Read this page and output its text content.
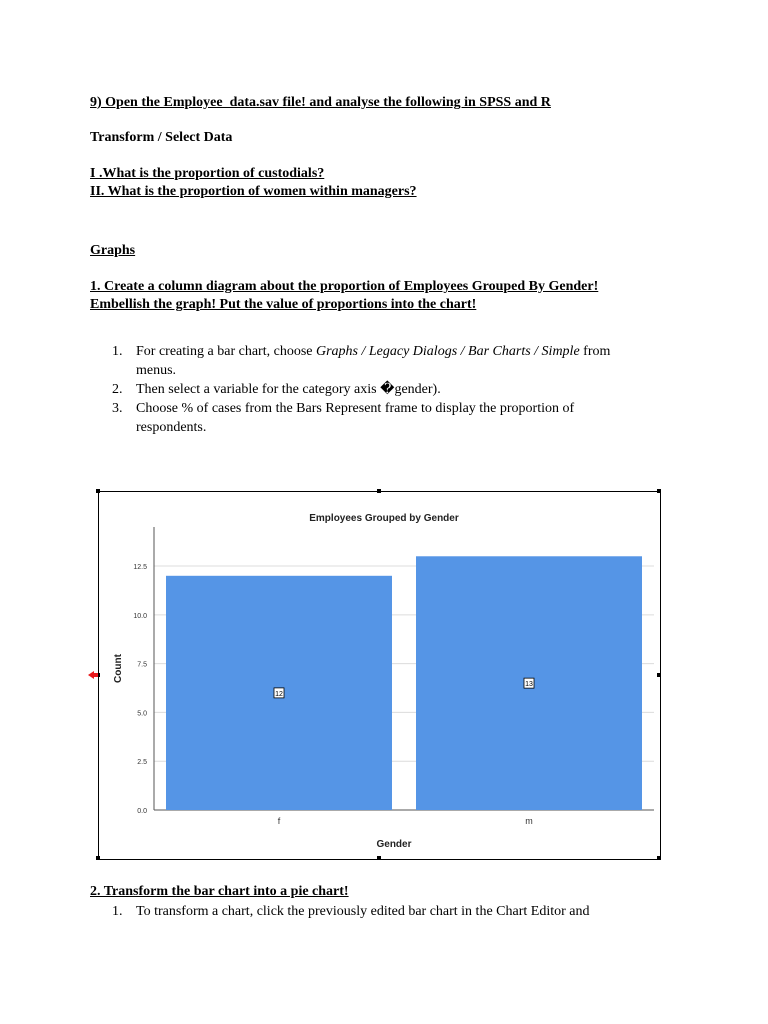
9) Open the Employee_data.sav file! and analyse the following in SPSS and R
Transform / Select Data
I .What is the proportion of custodials?
II. What is the proportion of women within managers?
Graphs
1. Create a column diagram about the proportion of Employees Grouped By Gender!
Embellish the graph! Put the value of proportions into the chart!
1. For creating a bar chart, choose Graphs / Legacy Dialogs / Bar Charts / Simple from
menus.
2. Then select a variable for the category axis �gender).
3. Choose % of cases from the Bars Represent frame to display the proportion of
respondents.
Employees Grouped by Gender
0.0
2.5
5.0
7.5
10.0
12.5
12
f
13
m
Gender
Count
2. Transform the bar chart into a pie chart!
1. To transform a chart, click the previously edited bar chart in the Chart Editor and
